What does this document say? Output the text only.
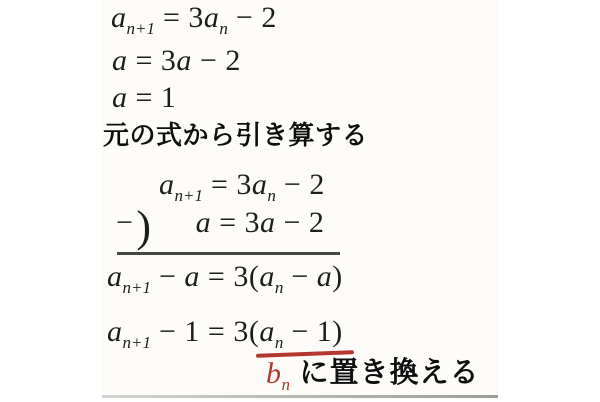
$a_{n+1} = 3a_n - 2$
a = 3a − 2
a = 1
元の式から引き算する
$a_{n+1} = 3a_n - 2$
−) a = 3a − 2
$a_{n+1} - a = 3(a_n - a)$
$a_{n+1} - 1 = 3(a_n - 1)$
$b_n$ に置き換える
